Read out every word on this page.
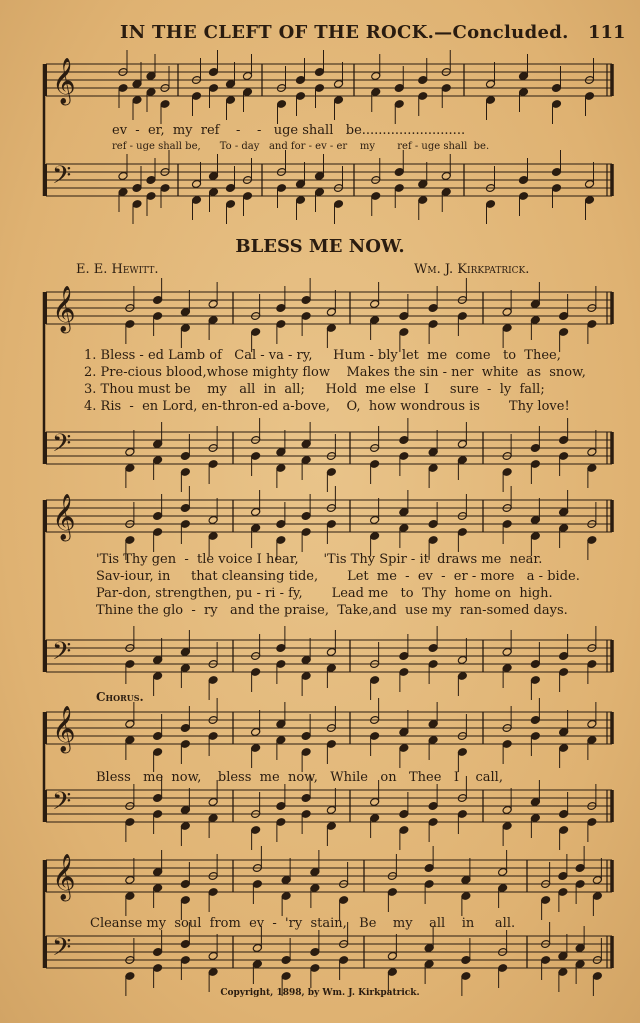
IN THE CLEFT OF THE ROCK.—Concluded. 111
𝄞
𝄢
𝄞
𝄢
𝄞
𝄢
𝄞
𝄢
𝄞
𝄢
ev  -  er,  my  ref    -    -   uge shall   be.........................
ref - uge shall be,      To - day   and for - ev - er    my       ref - uge shall  be.
BLESS ME NOW.
E. E. Hewitt.	Wm. J. Kirkpatrick.
1. Bless - ed Lamb of   Cal - va - ry,     Hum - bly let  me  come   to  Thee,
2. Pre-cious blood,whose mighty flow    Makes the sin - ner  white  as  snow,
3. Thou must be    my   all  in  all;     Hold  me else  I     sure  -  ly  fall;
4. Ris  -  en Lord, en-thron-ed a-bove,    O,  how wondrous is       Thy love!
'Tis Thy gen  -  tle voice I hear,      'Tis Thy Spir - it  draws me  near.
Sav-iour, in     that cleansing tide,       Let  me  -  ev  -  er - more   a - bide.
Par-don, strengthen, pu - ri - fy,       Lead me   to  Thy  home on  high.
Thine the glo  -  ry   and the praise,  Take,and  use my  ran-somed days.
Chorus.
Bless   me  now,    bless  me  now,   While   on   Thee   I    call,
Cleanse my  soul  from  ev  -  'ry  stain,   Be    my    all    in     all.
Copyright, 1898, by Wm. J. Kirkpatrick.
